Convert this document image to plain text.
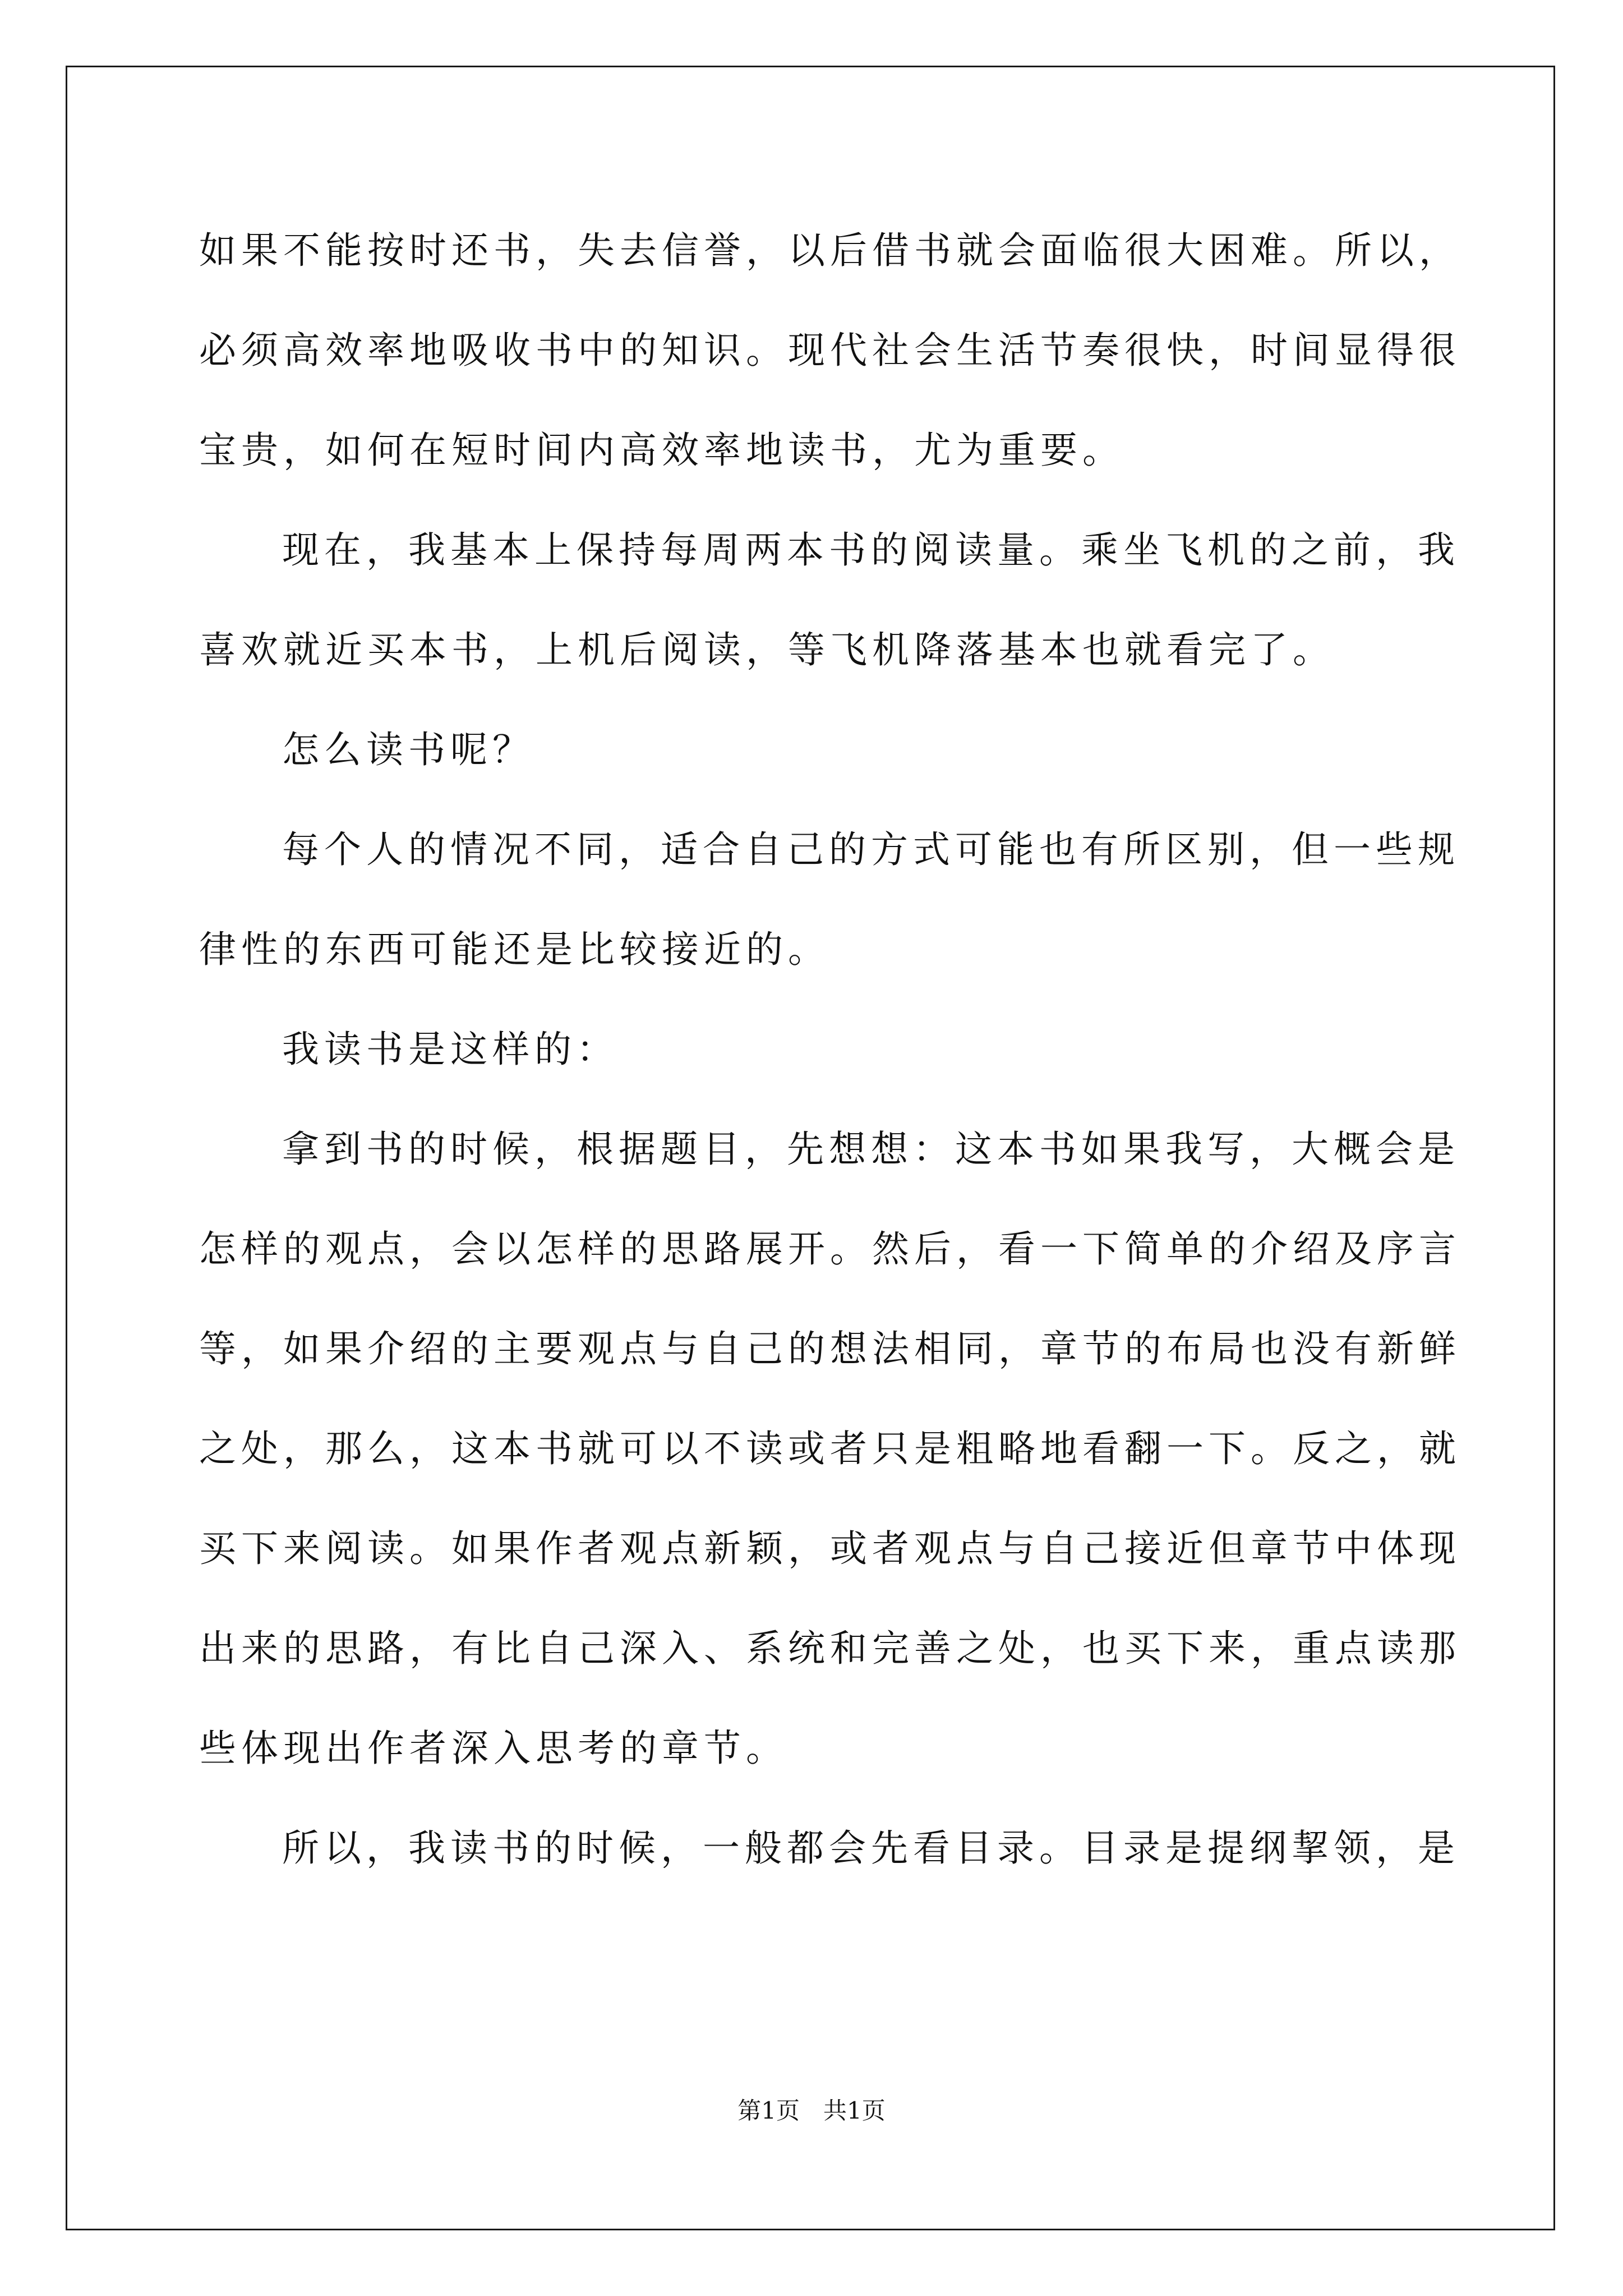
如果不能按时还书，失去信誉，以后借书就会面临很大困难。所以，
必须高效率地吸收书中的知识。现代社会生活节奏很快，时间显得很
宝贵，如何在短时间内高效率地读书，尤为重要。
现在，我基本上保持每周两本书的阅读量。乘坐飞机的之前，我
喜欢就近买本书，上机后阅读，等飞机降落基本也就看完了。
怎么读书呢？
每个人的情况不同，适合自己的方式可能也有所区别，但一些规
律性的东西可能还是比较接近的。
我读书是这样的：
拿到书的时候，根据题目，先想想：这本书如果我写，大概会是
怎样的观点，会以怎样的思路展开。然后，看一下简单的介绍及序言
等，如果介绍的主要观点与自己的想法相同，章节的布局也没有新鲜
之处，那么，这本书就可以不读或者只是粗略地看翻一下。反之，就
买下来阅读。如果作者观点新颖，或者观点与自己接近但章节中体现
出来的思路，有比自己深入、系统和完善之处，也买下来，重点读那
些体现出作者深入思考的章节。
所以，我读书的时候，一般都会先看目录。目录是提纲挈领，是
第1页　共1页
